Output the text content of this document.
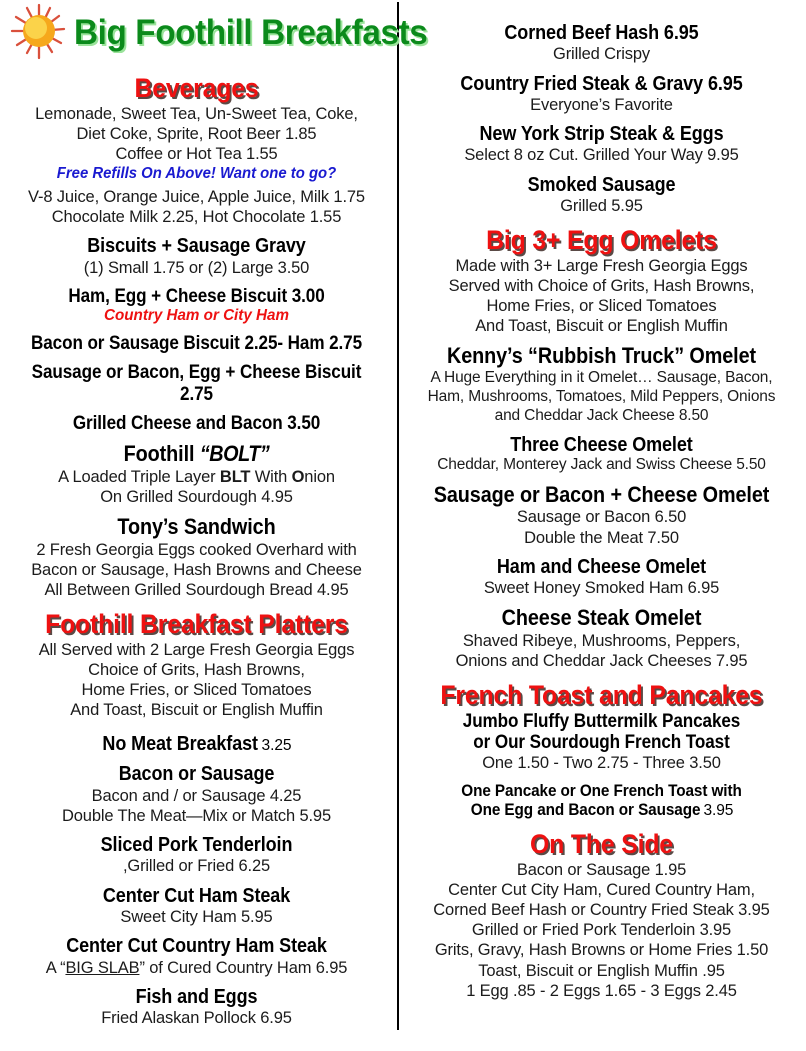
Big Foothill Breakfasts
Beverages
Lemonade, Sweet Tea, Un-Sweet Tea, Coke,
Diet Coke, Sprite, Root Beer 1.85
Coffee or Hot Tea 1.55
Free Refills On Above! Want one to go?
V-8 Juice, Orange Juice, Apple Juice, Milk 1.75
Chocolate Milk 2.25, Hot Chocolate 1.55
Biscuits + Sausage Gravy
(1) Small 1.75 or (2) Large 3.50
Ham, Egg + Cheese Biscuit 3.00
Country Ham or City Ham
Bacon or Sausage Biscuit 2.25- Ham 2.75
Sausage or Bacon, Egg + Cheese Biscuit 2.75
Grilled Cheese and Bacon 3.50
Foothill “BOLT”
A Loaded Triple Layer BLT With Onion
On Grilled Sourdough 4.95
Tony’s Sandwich
2 Fresh Georgia Eggs cooked Overhard with
Bacon or Sausage, Hash Browns and Cheese
All Between Grilled Sourdough Bread 4.95
Foothill Breakfast Platters
All Served with 2 Large Fresh Georgia Eggs
Choice of Grits, Hash Browns,
Home Fries, or Sliced Tomatoes
And Toast, Biscuit or English Muffin
No Meat Breakfast 3.25
Bacon or Sausage
Bacon and / or Sausage 4.25
Double The Meat—Mix or Match 5.95
Sliced Pork Tenderloin
,Grilled or Fried 6.25
Center Cut Ham Steak
Sweet City Ham 5.95
Center Cut Country Ham Steak
A “BIG SLAB” of Cured Country Ham 6.95
Fish and Eggs
Fried Alaskan Pollock 6.95
Corned Beef Hash 6.95
Grilled Crispy
Country Fried Steak & Gravy 6.95
Everyone’s Favorite
New York Strip Steak & Eggs
Select 8 oz Cut. Grilled Your Way 9.95
Smoked Sausage
Grilled 5.95
Big 3+ Egg Omelets
Made with 3+ Large Fresh Georgia Eggs
Served with Choice of Grits, Hash Browns,
Home Fries, or Sliced Tomatoes
And Toast, Biscuit or English Muffin
Kenny’s “Rubbish Truck” Omelet
A Huge Everything in it Omelet… Sausage, Bacon,
Ham, Mushrooms, Tomatoes, Mild Peppers, Onions
and Cheddar Jack Cheese 8.50
Three Cheese Omelet
Cheddar, Monterey Jack and Swiss Cheese 5.50
Sausage or Bacon + Cheese Omelet
Sausage or Bacon 6.50
Double the Meat 7.50
Ham and Cheese Omelet
Sweet Honey Smoked Ham 6.95
Cheese Steak Omelet
Shaved Ribeye, Mushrooms, Peppers,
Onions and Cheddar Jack Cheeses 7.95
French Toast and Pancakes
Jumbo Fluffy Buttermilk Pancakes
or Our Sourdough French Toast
One 1.50 - Two 2.75 - Three 3.50
One Pancake or One French Toast with
One Egg and Bacon or Sausage 3.95
On The Side
Bacon or Sausage 1.95
Center Cut City Ham, Cured Country Ham,
Corned Beef Hash or Country Fried Steak 3.95
Grilled or Fried Pork Tenderloin 3.95
Grits, Gravy, Hash Browns or Home Fries 1.50
Toast, Biscuit or English Muffin .95
1 Egg .85 - 2 Eggs 1.65 - 3 Eggs 2.45
